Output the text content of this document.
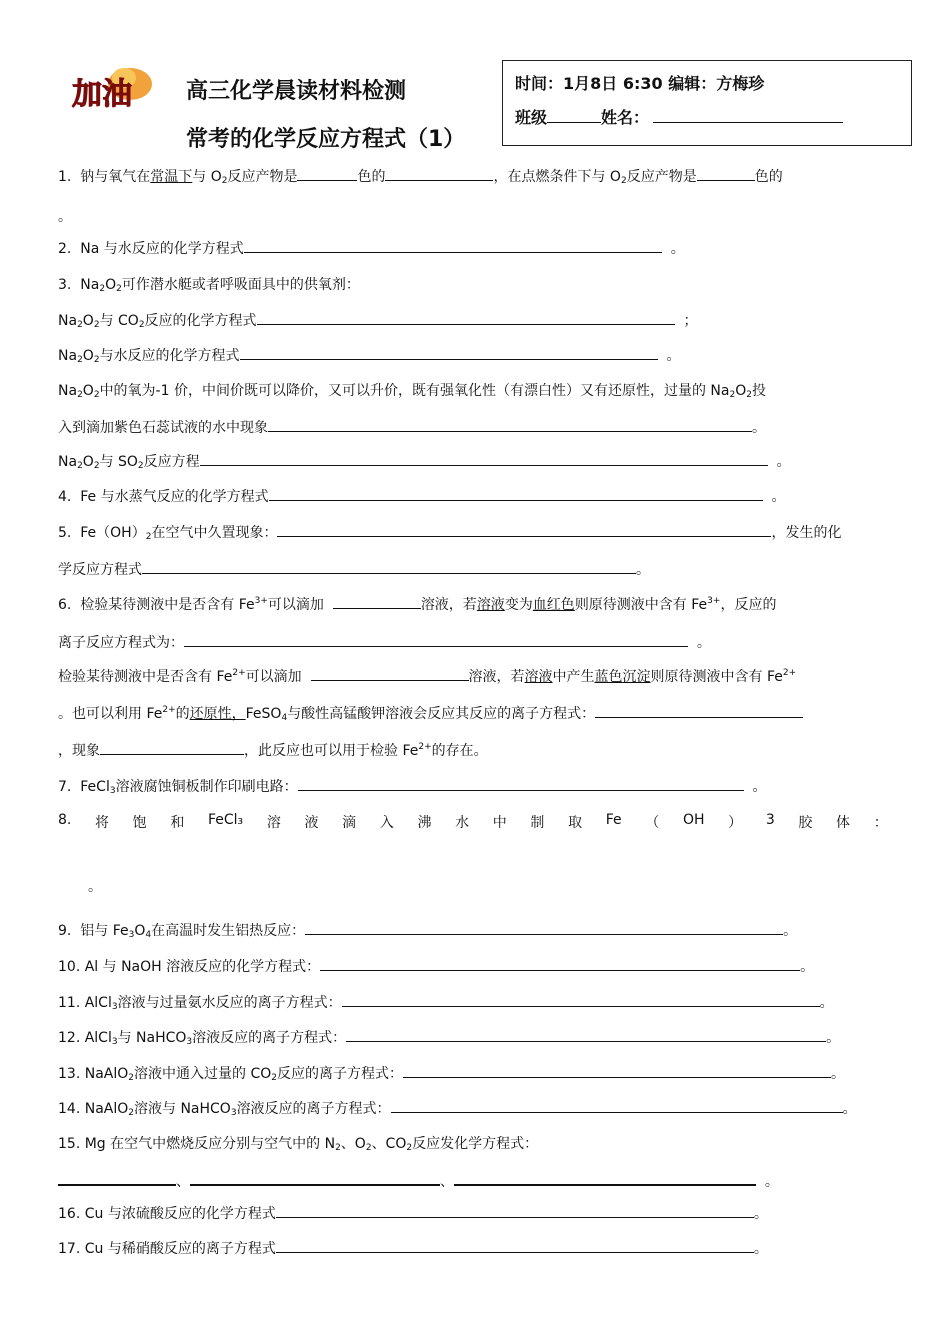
加油 高三化学晨读材料检测
常考的化学反应方程式（1）
时间：1月8日 6:30 编辑：方梅珍
班级	姓名：
1. 钠与氧气在常温下与 $O_2$反应产物是	色的	，在点燃条件下与 $O_2$反应产物是	色的
。
2. Na 与水反应的化学方程式	。
3. $Na_2O_2$可作潜水艇或者呼吸面具中的供氧剂：
$Na_2O_2$与 $CO_2$反应的化学方程式	；
$Na_2O_2$与水反应的化学方程式	。
$Na_2O_2$中的氧为-1 价，中间价既可以降价，又可以升价，既有强氧化性（有漂白性）又有还原性，过量的 $Na_2O_2$投
入到滴加紫色石蕊试液的水中现象	。
$Na_2O_2$与 $SO_2$反应方程	。
4. Fe 与水蒸气反应的化学方程式	。
5. $Fe(OH)_2$在空气中久置现象：	，发生的化
学反应方程式	。
6. 检验某待测液中是否含有 $Fe^{3+}$可以滴加	溶液，若溶液变为血红色则原待测液中含有 $Fe^{3+}$，反应的
离子反应方程式为：	。
检验某待测液中是否含有 $Fe^{2+}$可以滴加	溶液，若溶液中产生蓝色沉淀则原待测液中含有 $Fe^{2+}$
。也可以利用 $Fe^{2+}$的还原性，FeSO$_4$与酸性高锰酸钾溶液会反应其反应的离子方程式：
，现象	，此反应也可以用于检验 $Fe^{2+}$的存在。
7. FeCl$_3$溶液腐蚀铜板制作印刷电路：	。
8. 将 饱 和 FeCl₃ 溶 液 滴 入 沸 水 中 制 取 Fe （ OH ） 3 胶 体 ：
。
9. 铝与 $Fe_3O_4$在高温时发生铝热反应：	。
10. Al 与 NaOH 溶液反应的化学方程式：	。
11. AlCl$_3$溶液与过量氨水反应的离子方程式：	。
12. AlCl$_3$与 NaHCO$_3$溶液反应的离子方程式：	。
13. NaAlO$_2$溶液中通入过量的 $CO_2$反应的离子方程式：	。
14. NaAlO$_2$溶液与 NaHCO$_3$溶液反应的离子方程式：	。
15. Mg 在空气中燃烧反应分别与空气中的 $N_2$、$O_2$、$CO_2$反应发化学方程式：
、	、	。
16. Cu 与浓硫酸反应的化学方程式	。
17. Cu 与稀硝酸反应的离子方程式	。
